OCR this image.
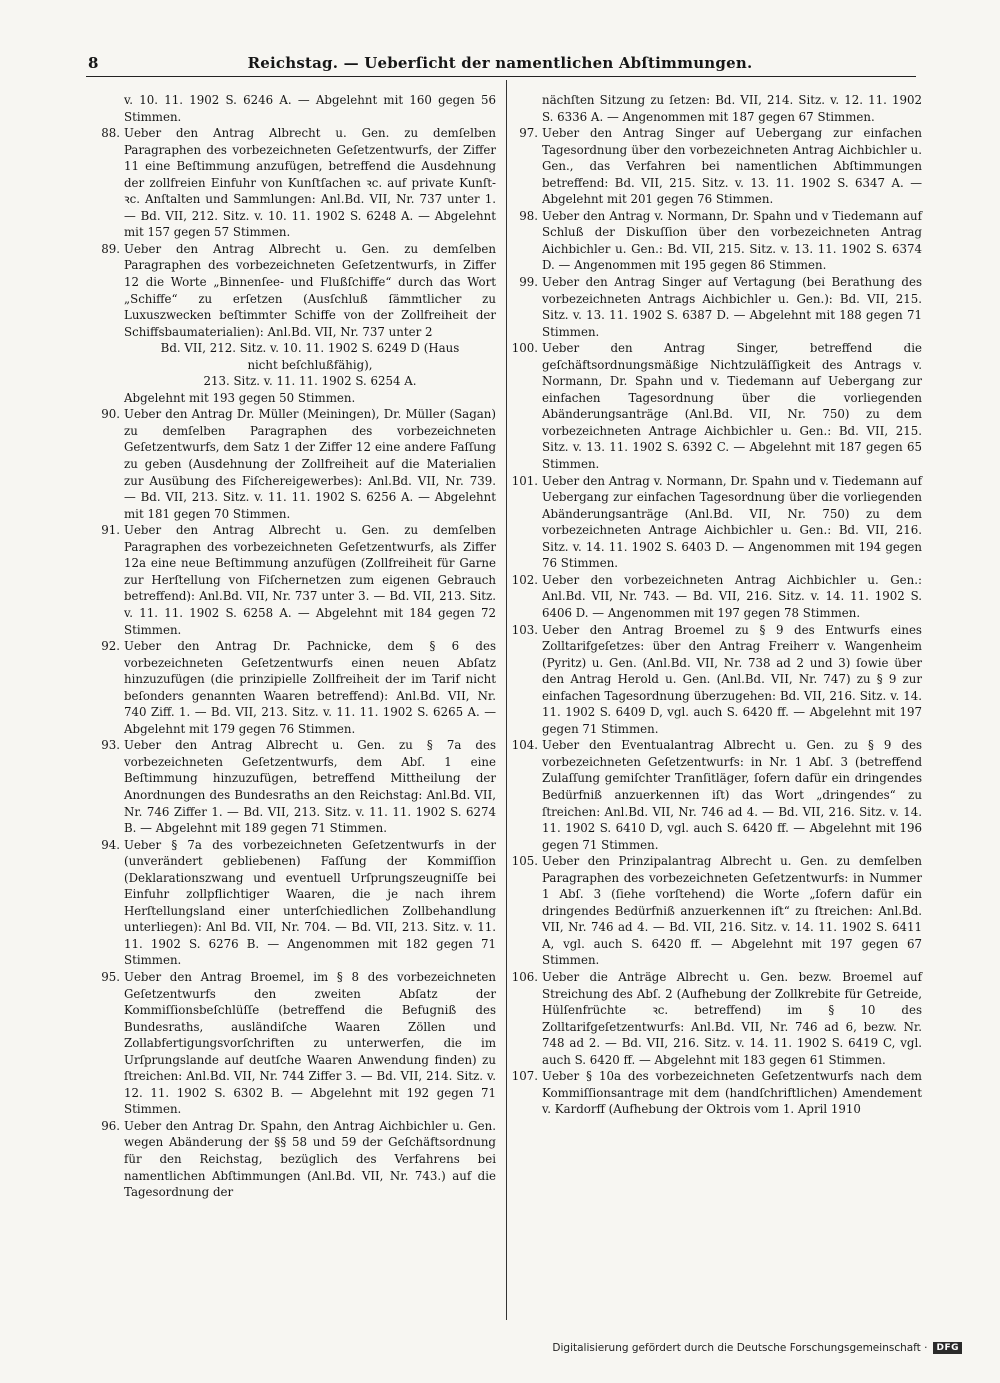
8	Reichstag. — Ueberſicht der namentlichen Abſtimmungen.

v. 10. 11. 1902 S. 6246 A. — Abgelehnt mit 160 gegen 56 Stimmen.

88. Ueber den Antrag Albrecht u. Gen. zu demſelben Paragraphen des vorbezeichneten Geſetzentwurfs, der Ziffer 11 eine Beſtimmung anzufügen, betreffend die Ausdehnung der zollfreien Einfuhr von Kunſtſachen ꝛc. auf private Kunſt- ꝛc. Anſtalten und Sammlungen: Anl.Bd. VII, Nr. 737 unter 1. — Bd. VII, 212. Sitz. v. 10. 11. 1902 S. 6248 A. — Abgelehnt mit 157 gegen 57 Stimmen.
89. Ueber den Antrag Albrecht u. Gen. zu demſelben Paragraphen des vorbezeichneten Geſetzentwurfs, in Ziffer 12 die Worte „Binnenſee- und Flußſchiffe“ durch das Wort „Schiffe“ zu erſetzen (Ausſchluß ſämmtlicher zu Luxuszwecken beſtimmter Schiffe von der Zollfreiheit der Schiffsbaumaterialien): Anl.Bd. VII, Nr. 737 unter 2

Bd. VII, 212. Sitz. v. 10. 11. 1902 S. 6249 D (Haus

nicht beſchlußfähig),

213. Sitz. v. 11. 11. 1902 S. 6254 A.

Abgelehnt mit 193 gegen 50 Stimmen.

90. Ueber den Antrag Dr. Müller (Meiningen), Dr. Müller (Sagan) zu demſelben Paragraphen des vorbezeichneten Geſetzentwurfs, dem Satz 1 der Ziffer 12 eine andere Faſſung zu geben (Ausdehnung der Zollfreiheit auf die Materialien zur Ausübung des Fiſchereigewerbes): Anl.Bd. VII, Nr. 739. — Bd. VII, 213. Sitz. v. 11. 11. 1902 S. 6256 A. — Abgelehnt mit 181 gegen 70 Stimmen.
91. Ueber den Antrag Albrecht u. Gen. zu demſelben Paragraphen des vorbezeichneten Geſetzentwurfs, als Ziffer 12a eine neue Beſtimmung anzufügen (Zollfreiheit für Garne zur Herſtellung von Fiſchernetzen zum eigenen Gebrauch betreffend): Anl.Bd. VII, Nr. 737 unter 3. — Bd. VII, 213. Sitz. v. 11. 11. 1902 S. 6258 A. — Abgelehnt mit 184 gegen 72 Stimmen.
92. Ueber den Antrag Dr. Pachnicke, dem § 6 des vorbezeichneten Geſetzentwurfs einen neuen Abſatz hinzuzufügen (die prinzipielle Zollfreiheit der im Tarif nicht beſonders genannten Waaren betreffend): Anl.Bd. VII, Nr. 740 Ziff. 1. — Bd. VII, 213. Sitz. v. 11. 11. 1902 S. 6265 A. — Abgelehnt mit 179 gegen 76 Stimmen.
93. Ueber den Antrag Albrecht u. Gen. zu § 7a des vorbezeichneten Geſetzentwurfs, dem Abſ. 1 eine Beſtimmung hinzuzufügen, betreffend Mittheilung der Anordnungen des Bundesraths an den Reichstag: Anl.Bd. VII, Nr. 746 Ziffer 1. — Bd. VII, 213. Sitz. v. 11. 11. 1902 S. 6274 B. — Abgelehnt mit 189 gegen 71 Stimmen.
94. Ueber § 7a des vorbezeichneten Geſetzentwurfs in der (unverändert gebliebenen) Faſſung der Kommiſſion (Deklarationszwang und eventuell Urſprungszeugniſſe bei Einfuhr zollpflichtiger Waaren, die je nach ihrem Herſtellungsland einer unterſchiedlichen Zollbehandlung unterliegen): Anl Bd. VII, Nr. 704. — Bd. VII, 213. Sitz. v. 11. 11. 1902 S. 6276 B. — Angenommen mit 182 gegen 71 Stimmen.
95. Ueber den Antrag Broemel, im § 8 des vorbezeichneten Geſetzentwurfs den zweiten Abſatz der Kommiſſionsbeſchlüſſe (betreffend die Befugniß des Bundesraths, ausländiſche Waaren Zöllen und Zollabfertigungsvorſchriften zu unterwerfen, die im Urſprungslande auf deutſche Waaren Anwendung finden) zu ſtreichen: Anl.Bd. VII, Nr. 744 Ziffer 3. — Bd. VII, 214. Sitz. v. 12. 11. 1902 S. 6302 B. — Abgelehnt mit 192 gegen 71 Stimmen.
96. Ueber den Antrag Dr. Spahn, den Antrag Aichbichler u. Gen. wegen Abänderung der §§ 58 und 59 der Geſchäftsordnung für den Reichstag, bezüglich des Verfahrens bei namentlichen Abſtimmungen (Anl.Bd. VII, Nr. 743.) auf die Tagesordnung der

nächſten Sitzung zu ſetzen: Bd. VII, 214. Sitz. v. 12. 11. 1902 S. 6336 A. — Angenommen mit 187 gegen 67 Stimmen.

97. Ueber den Antrag Singer auf Uebergang zur einfachen Tagesordnung über den vorbezeichneten Antrag Aichbichler u. Gen., das Verfahren bei namentlichen Abſtimmungen betreffend: Bd. VII, 215. Sitz. v. 13. 11. 1902 S. 6347 A. — Abgelehnt mit 201 gegen 76 Stimmen.
98. Ueber den Antrag v. Normann, Dr. Spahn und v Tiedemann auf Schluß der Diskuſſion über den vorbezeichneten Antrag Aichbichler u. Gen.: Bd. VII, 215. Sitz. v. 13. 11. 1902 S. 6374 D. — Angenommen mit 195 gegen 86 Stimmen.
99. Ueber den Antrag Singer auf Vertagung (bei Berathung des vorbezeichneten Antrags Aichbichler u. Gen.): Bd. VII, 215. Sitz. v. 13. 11. 1902 S. 6387 D. — Abgelehnt mit 188 gegen 71 Stimmen.
100. Ueber den Antrag Singer, betreffend die geſchäftsordnungsmäßige Nichtzuläſſigkeit des Antrags v. Normann, Dr. Spahn und v. Tiedemann auf Uebergang zur einfachen Tagesordnung über die vorliegenden Abänderungsanträge (Anl.Bd. VII, Nr. 750) zu dem vorbezeichneten Antrage Aichbichler u. Gen.: Bd. VII, 215. Sitz. v. 13. 11. 1902 S. 6392 C. — Abgelehnt mit 187 gegen 65 Stimmen.
101. Ueber den Antrag v. Normann, Dr. Spahn und v. Tiedemann auf Uebergang zur einfachen Tagesordnung über die vorliegenden Abänderungsanträge (Anl.Bd. VII, Nr. 750) zu dem vorbezeichneten Antrage Aichbichler u. Gen.: Bd. VII, 216. Sitz. v. 14. 11. 1902 S. 6403 D. — Angenommen mit 194 gegen 76 Stimmen.
102. Ueber den vorbezeichneten Antrag Aichbichler u. Gen.: Anl.Bd. VII, Nr. 743. — Bd. VII, 216. Sitz. v. 14. 11. 1902 S. 6406 D. — Angenommen mit 197 gegen 78 Stimmen.
103. Ueber den Antrag Broemel zu § 9 des Entwurfs eines Zolltarifgeſetzes: über den Antrag Freiherr v. Wangenheim (Pyritz) u. Gen. (Anl.Bd. VII, Nr. 738 ad 2 und 3) ſowie über den Antrag Herold u. Gen. (Anl.Bd. VII, Nr. 747) zu § 9 zur einfachen Tagesordnung überzugehen: Bd. VII, 216. Sitz. v. 14. 11. 1902 S. 6409 D, vgl. auch S. 6420 ff. — Abgelehnt mit 197 gegen 71 Stimmen.
104. Ueber den Eventualantrag Albrecht u. Gen. zu § 9 des vorbezeichneten Geſetzentwurfs: in Nr. 1 Abſ. 3 (betreffend Zulaſſung gemiſchter Tranſitläger, ſofern dafür ein dringendes Bedürfniß anzuerkennen iſt) das Wort „dringendes“ zu ſtreichen: Anl.Bd. VII, Nr. 746 ad 4. — Bd. VII, 216. Sitz. v. 14. 11. 1902 S. 6410 D, vgl. auch S. 6420 ff. — Abgelehnt mit 196 gegen 71 Stimmen.
105. Ueber den Prinzipalantrag Albrecht u. Gen. zu demſelben Paragraphen des vorbezeichneten Geſetzentwurfs: in Nummer 1 Abſ. 3 (ſiehe vorſtehend) die Worte „ſofern dafür ein dringendes Bedürfniß anzuerkennen iſt“ zu ſtreichen: Anl.Bd. VII, Nr. 746 ad 4. — Bd. VII, 216. Sitz. v. 14. 11. 1902 S. 6411 A, vgl. auch S. 6420 ff. — Abgelehnt mit 197 gegen 67 Stimmen.
106. Ueber die Anträge Albrecht u. Gen. bezw. Broemel auf Streichung des Abſ. 2 (Aufhebung der Zollkrebite für Getreide, Hülſenfrüchte ꝛc. betreffend) im § 10 des Zolltarifgeſetzentwurfs: Anl.Bd. VII, Nr. 746 ad 6, bezw. Nr. 748 ad 2. — Bd. VII, 216. Sitz. v. 14. 11. 1902 S. 6419 C, vgl. auch S. 6420 ff. — Abgelehnt mit 183 gegen 61 Stimmen.
107. Ueber § 10a des vorbezeichneten Geſetzentwurfs nach dem Kommiſſionsantrage mit dem (handſchriftlichen) Amendement v. Kardorff (Aufhebung der Oktrois vom 1. April 1910
Digitalisierung gefördert durch die Deutsche Forschungsgemeinschaft ·	DFG
